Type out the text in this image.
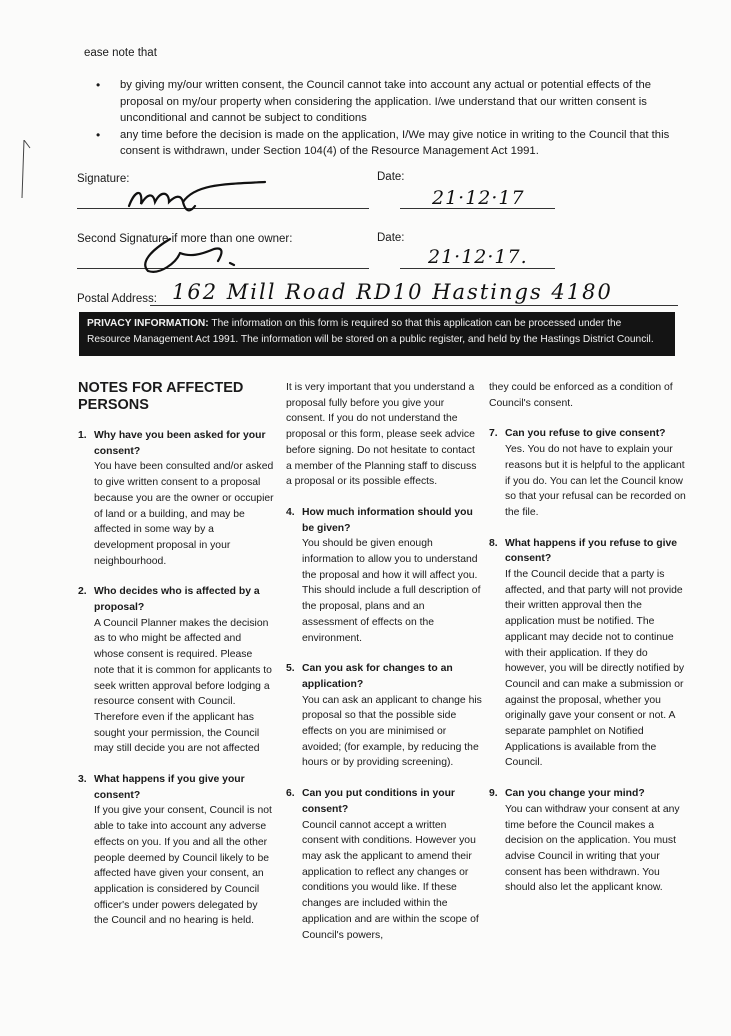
ease note that
• by giving my/our written consent, the Council cannot take into account any actual or potential effects of the proposal on my/our property when considering the application. I/we understand that our written consent is unconditional and cannot be subject to conditions
• any time before the decision is made on the application, I/We may give notice in writing to the Council that this consent is withdrawn, under Section 104(4) of the Resource Management Act 1991.
Signature:	Date:
21·12·17
Second Signature if more than one owner:	Date:
21·12·17.
Postal Address: 162 Mill Road RD10 Hastings 4180
PRIVACY INFORMATION: The information on this form is required so that this application can be processed under the Resource Management Act 1991. The information will be stored on a public register, and held by the Hastings District Council.
NOTES FOR AFFECTED PERSONS
1. Why have you been asked for your consent?

You have been consulted and/or asked to give written consent to a proposal because you are the owner or occupier of land or a building, and may be affected in some way by a development proposal in your neighbourhood.

2. Who decides who is affected by a proposal?

A Council Planner makes the decision as to who might be affected and whose consent is required. Please note that it is common for applicants to seek written approval before lodging a resource consent with Council. Therefore even if the applicant has sought your permission, the Council may still decide you are not affected

3. What happens if you give your consent?

If you give your consent, Council is not able to take into account any adverse effects on you. If you and all the other people deemed by Council likely to be affected have given your consent, an application is considered by Council officer's under powers delegated by the Council and no hearing is held.

It is very important that you understand a proposal fully before you give your consent. If you do not understand the proposal or this form, please seek advice before signing. Do not hesitate to contact a member of the Planning staff to discuss a proposal or its possible effects.

4. How much information should you be given?

You should be given enough information to allow you to understand the proposal and how it will affect you. This should include a full description of the proposal, plans and an assessment of effects on the environment.

5. Can you ask for changes to an application?

You can ask an applicant to change his proposal so that the possible side effects on you are minimised or avoided; (for example, by reducing the hours or by providing screening).

6. Can you put conditions in your consent?

Council cannot accept a written consent with conditions. However you may ask the applicant to amend their application to reflect any changes or conditions you would like. If these changes are included within the application and are within the scope of Council's powers,

they could be enforced as a condition of Council's consent.

7. Can you refuse to give consent?

Yes. You do not have to explain your reasons but it is helpful to the applicant if you do. You can let the Council know so that your refusal can be recorded on the file.

8. What happens if you refuse to give consent?

If the Council decide that a party is affected, and that party will not provide their written approval then the application must be notified. The applicant may decide not to continue with their application. If they do however, you will be directly notified by Council and can make a submission or against the proposal, whether you originally gave your consent or not. A separate pamphlet on Notified Applications is available from the Council.

9. Can you change your mind?

You can withdraw your consent at any time before the Council makes a decision on the application. You must advise Council in writing that your consent has been withdrawn. You should also let the applicant know.
